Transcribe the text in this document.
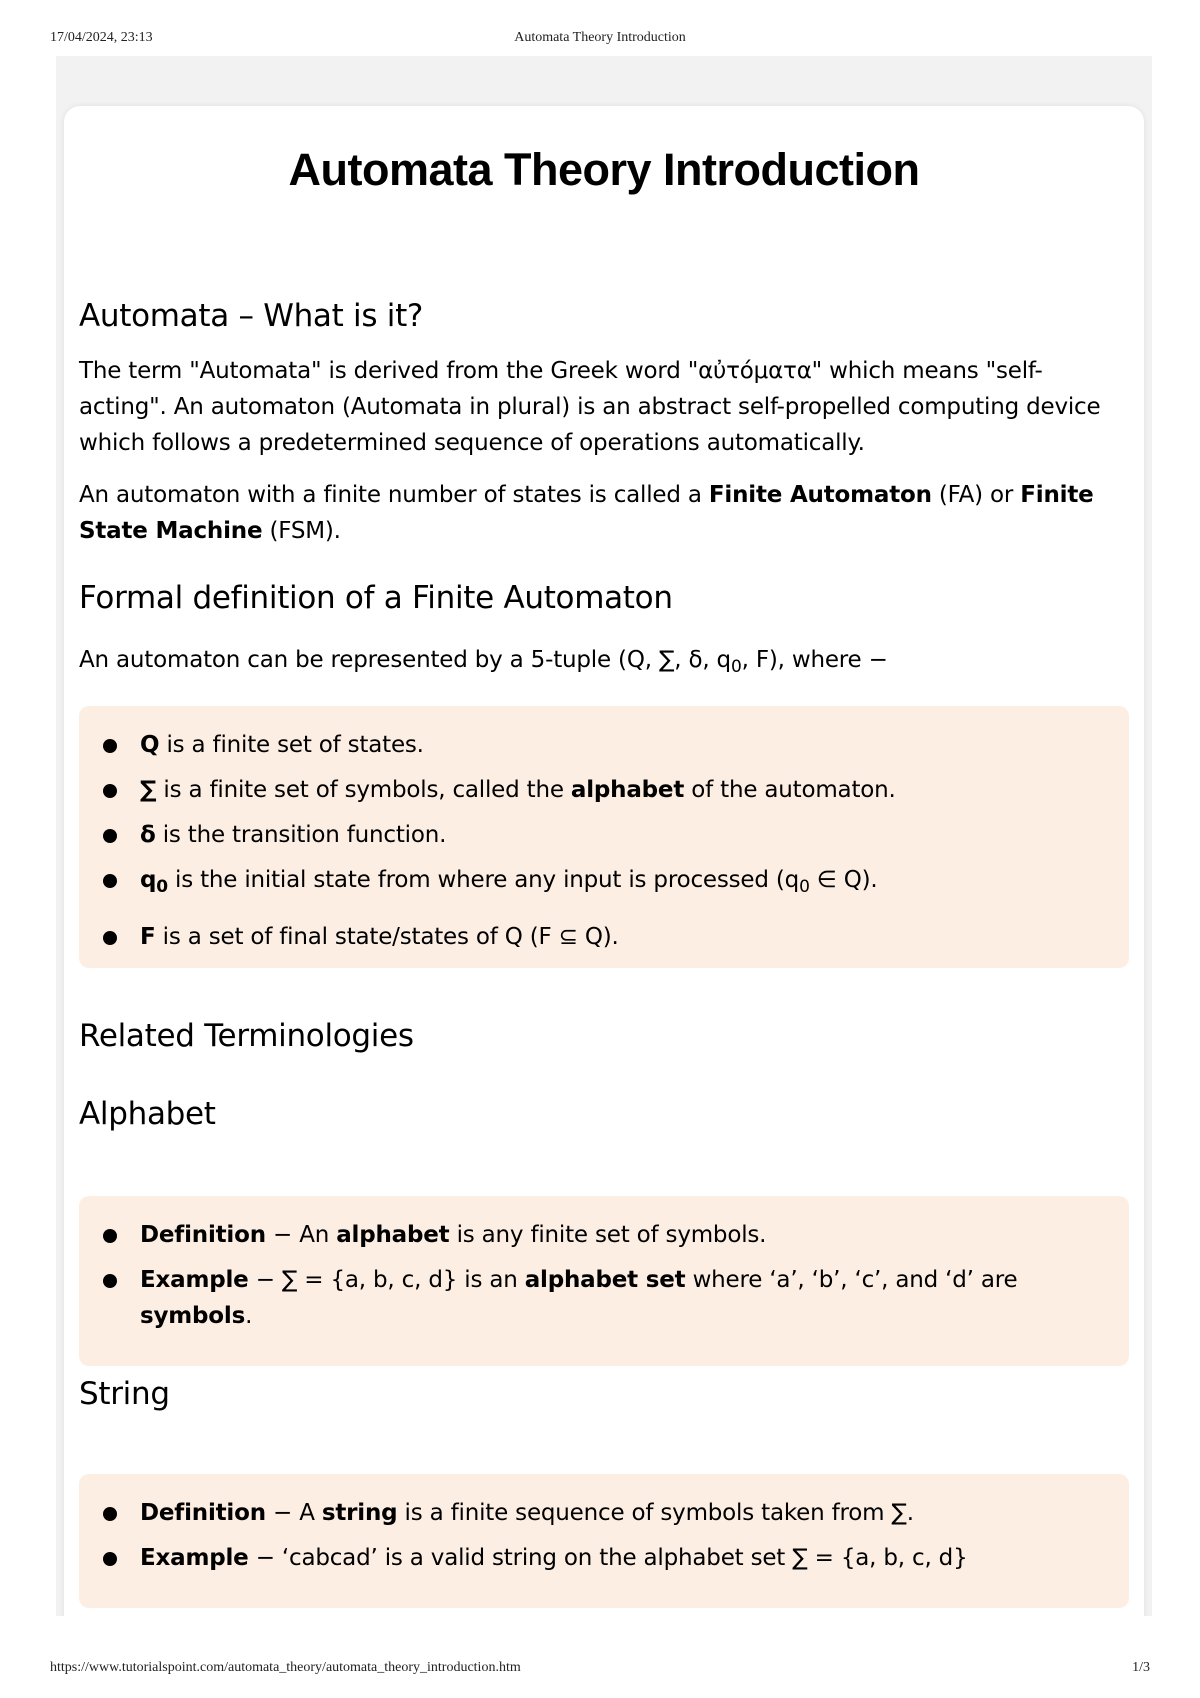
17/04/2024, 23:13	Automata Theory Introduction
Automata Theory Introduction
Automata – What is it?

The term "Automata" is derived from the Greek word "αὐτόματα" which means "self-acting". An automaton (Automata in plural) is an abstract self-propelled computing device which follows a predetermined sequence of operations automatically.

An automaton with a finite number of states is called a Finite Automaton (FA) or Finite State Machine (FSM).

Formal definition of a Finite Automaton

An automaton can be represented by a 5-tuple (Q, ∑, δ, $q_0$, F), where −

Q is a finite set of states.
∑ is a finite set of symbols, called the alphabet of the automaton.
δ is the transition function.
$q_0$ is the initial state from where any input is processed ($q_0$ ∈ Q).
F is a set of final state/states of Q (F ⊆ Q).
Related Terminologies
Alphabet
Definition − An alphabet is any finite set of symbols.
Example − ∑ = {a, b, c, d} is an alphabet set where ‘a’, ‘b’, ‘c’, and ‘d’ are symbols.
String
Definition − A string is a finite sequence of symbols taken from ∑.
Example − ‘cabcad’ is a valid string on the alphabet set ∑ = {a, b, c, d}
https://www.tutorialspoint.com/automata_theory/automata_theory_introduction.htm	1/3
